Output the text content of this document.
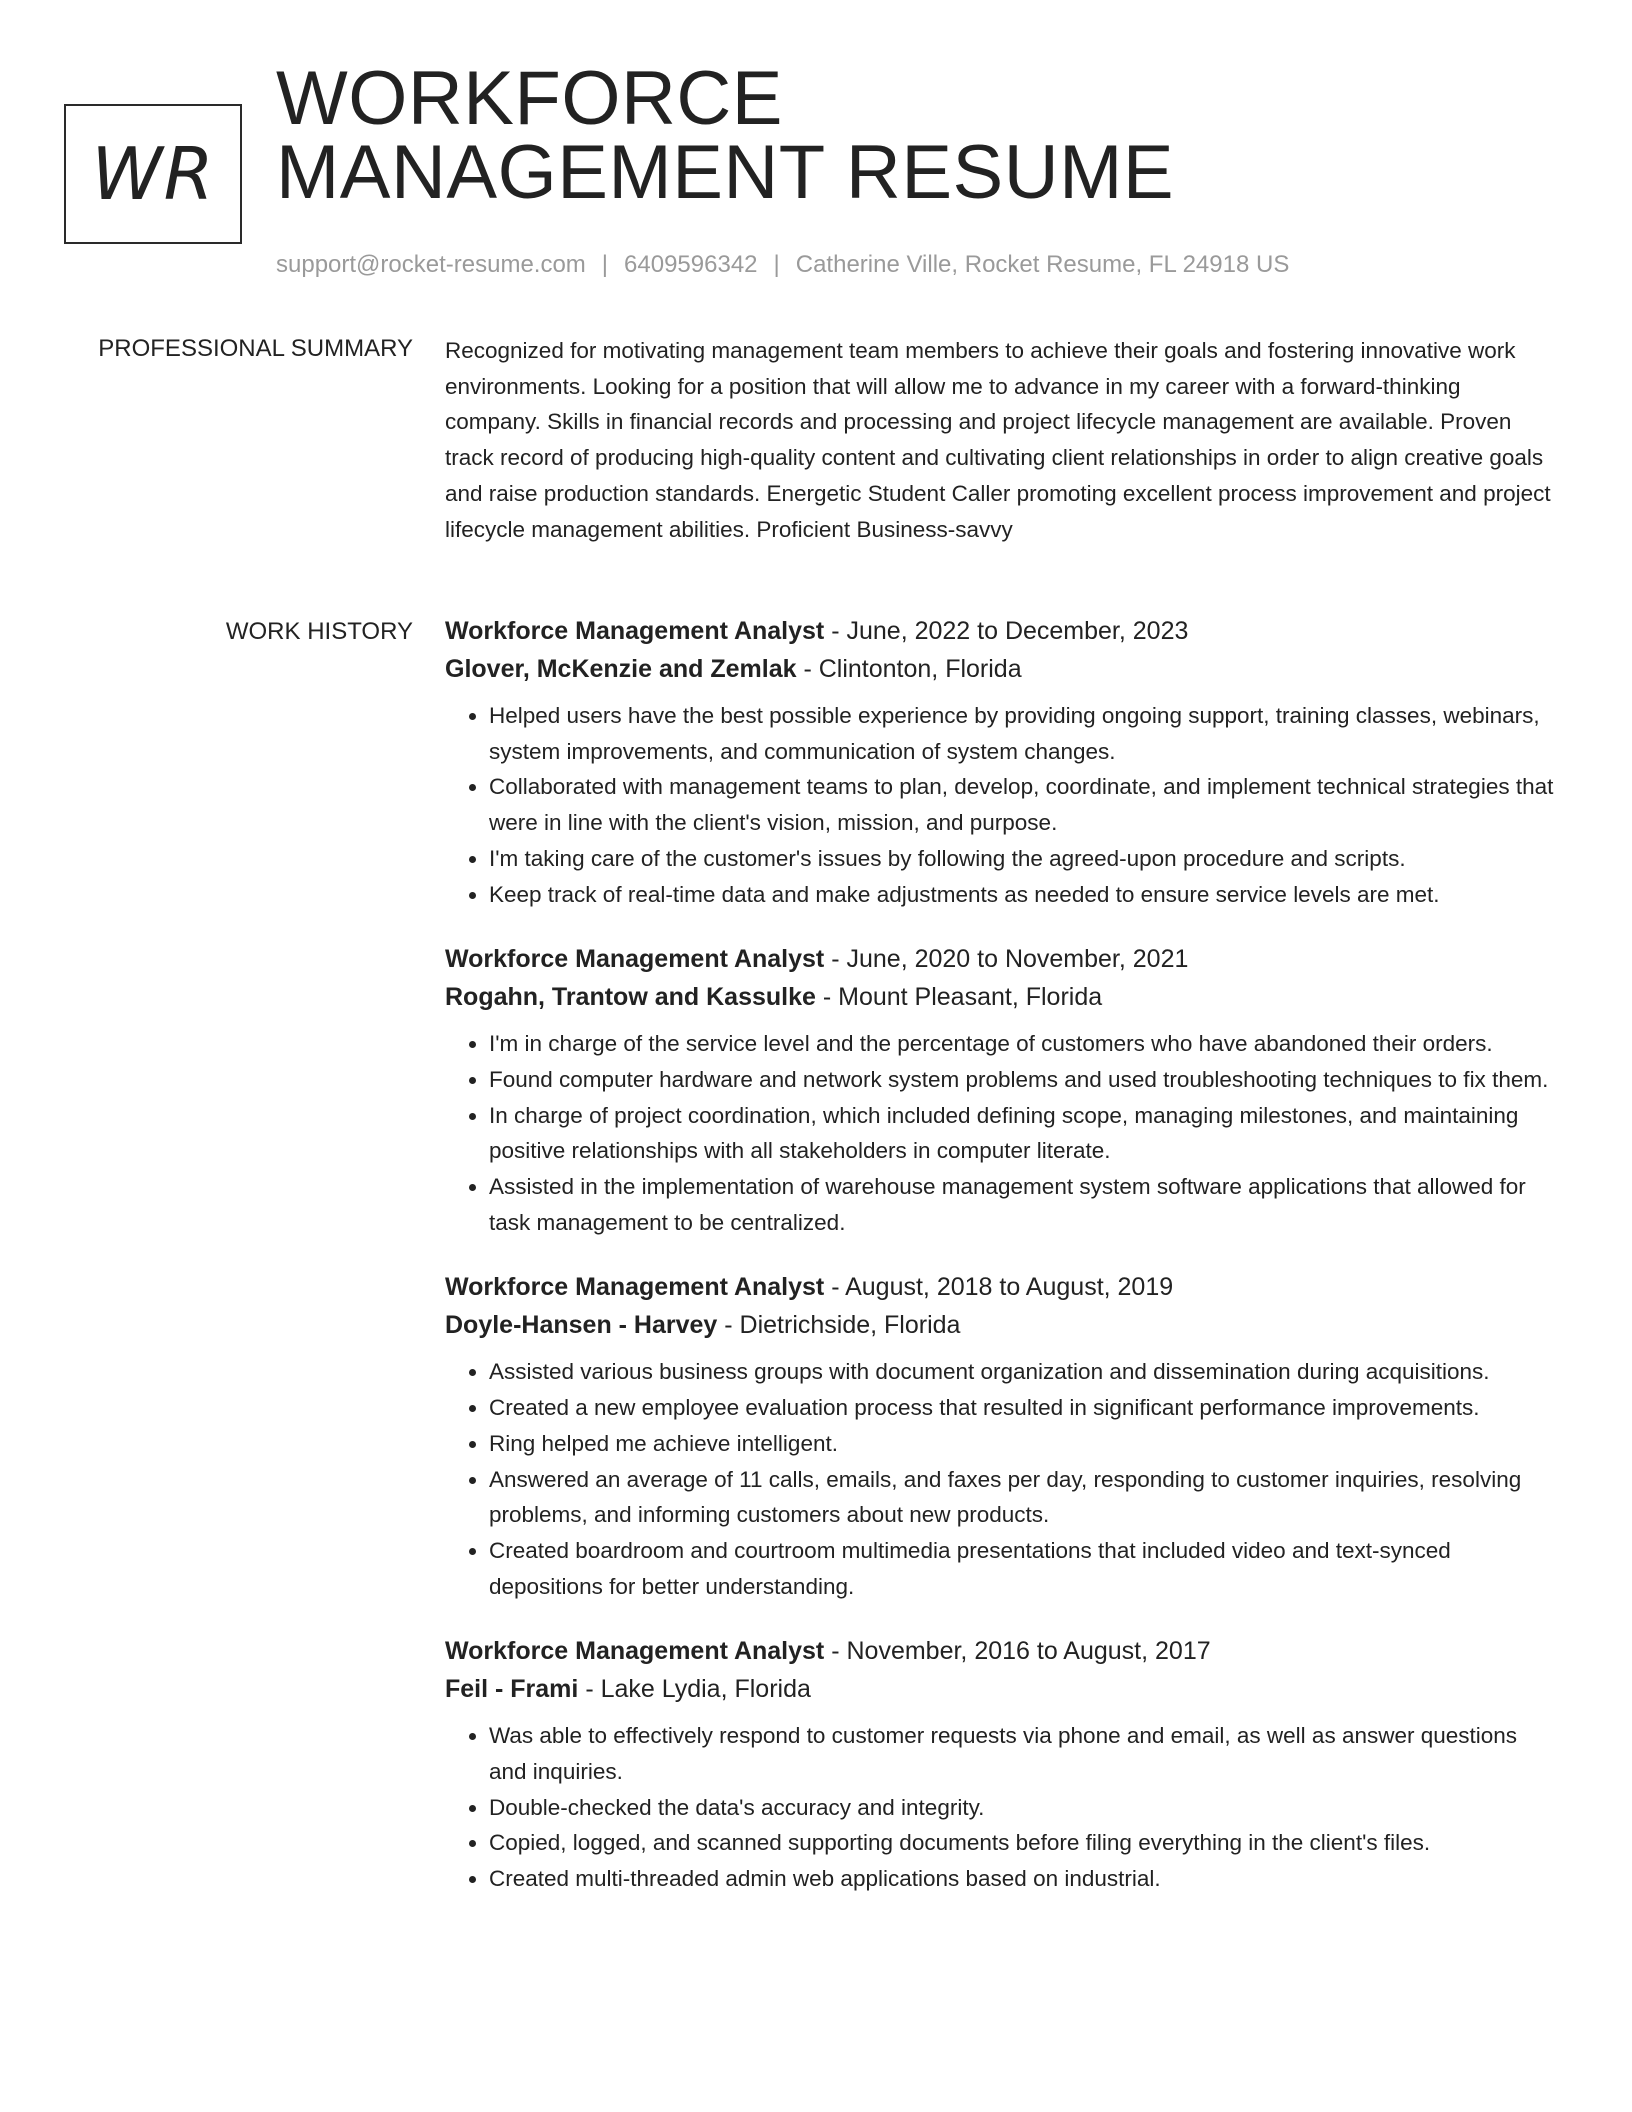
WR
WORKFORCE
MANAGEMENT RESUME
support@rocket-resume.com | 6409596342 | Catherine Ville, Rocket Resume, FL 24918 US
PROFESSIONAL SUMMARY Recognized for motivating management team members to achieve their goals and fostering innovative work environments. Looking for a position that will allow me to advance in my career with a forward-thinking company. Skills in financial records and processing and project lifecycle management are available. Proven track record of producing high-quality content and cultivating client relationships in order to align creative goals and raise production standards. Energetic Student Caller promoting excellent process improvement and project lifecycle management abilities. Proficient Business-savvy

WORK HISTORY Workforce Management Analyst - June, 2022 to December, 2023
Glover, McKenzie and Zemlak - Clintonton, Florida
• Helped users have the best possible experience by providing ongoing support, training classes, webinars, system improvements, and communication of system changes.
• Collaborated with management teams to plan, develop, coordinate, and implement technical strategies that were in line with the client's vision, mission, and purpose.
• I'm taking care of the customer's issues by following the agreed-upon procedure and scripts.
• Keep track of real-time data and make adjustments as needed to ensure service levels are met.
Workforce Management Analyst - June, 2020 to November, 2021
Rogahn, Trantow and Kassulke - Mount Pleasant, Florida
• I'm in charge of the service level and the percentage of customers who have abandoned their orders.
• Found computer hardware and network system problems and used troubleshooting techniques to fix them.
• In charge of project coordination, which included defining scope, managing milestones, and maintaining positive relationships with all stakeholders in computer literate.
• Assisted in the implementation of warehouse management system software applications that allowed for task management to be centralized.
Workforce Management Analyst - August, 2018 to August, 2019
Doyle-Hansen - Harvey - Dietrichside, Florida
• Assisted various business groups with document organization and dissemination during acquisitions.
• Created a new employee evaluation process that resulted in significant performance improvements.
• Ring helped me achieve intelligent.
• Answered an average of 11 calls, emails, and faxes per day, responding to customer inquiries, resolving problems, and informing customers about new products.
• Created boardroom and courtroom multimedia presentations that included video and text-synced depositions for better understanding.
Workforce Management Analyst - November, 2016 to August, 2017
Feil - Frami - Lake Lydia, Florida
• Was able to effectively respond to customer requests via phone and email, as well as answer questions and inquiries.
• Double-checked the data's accuracy and integrity.
• Copied, logged, and scanned supporting documents before filing everything in the client's files.
• Created multi-threaded admin web applications based on industrial.
